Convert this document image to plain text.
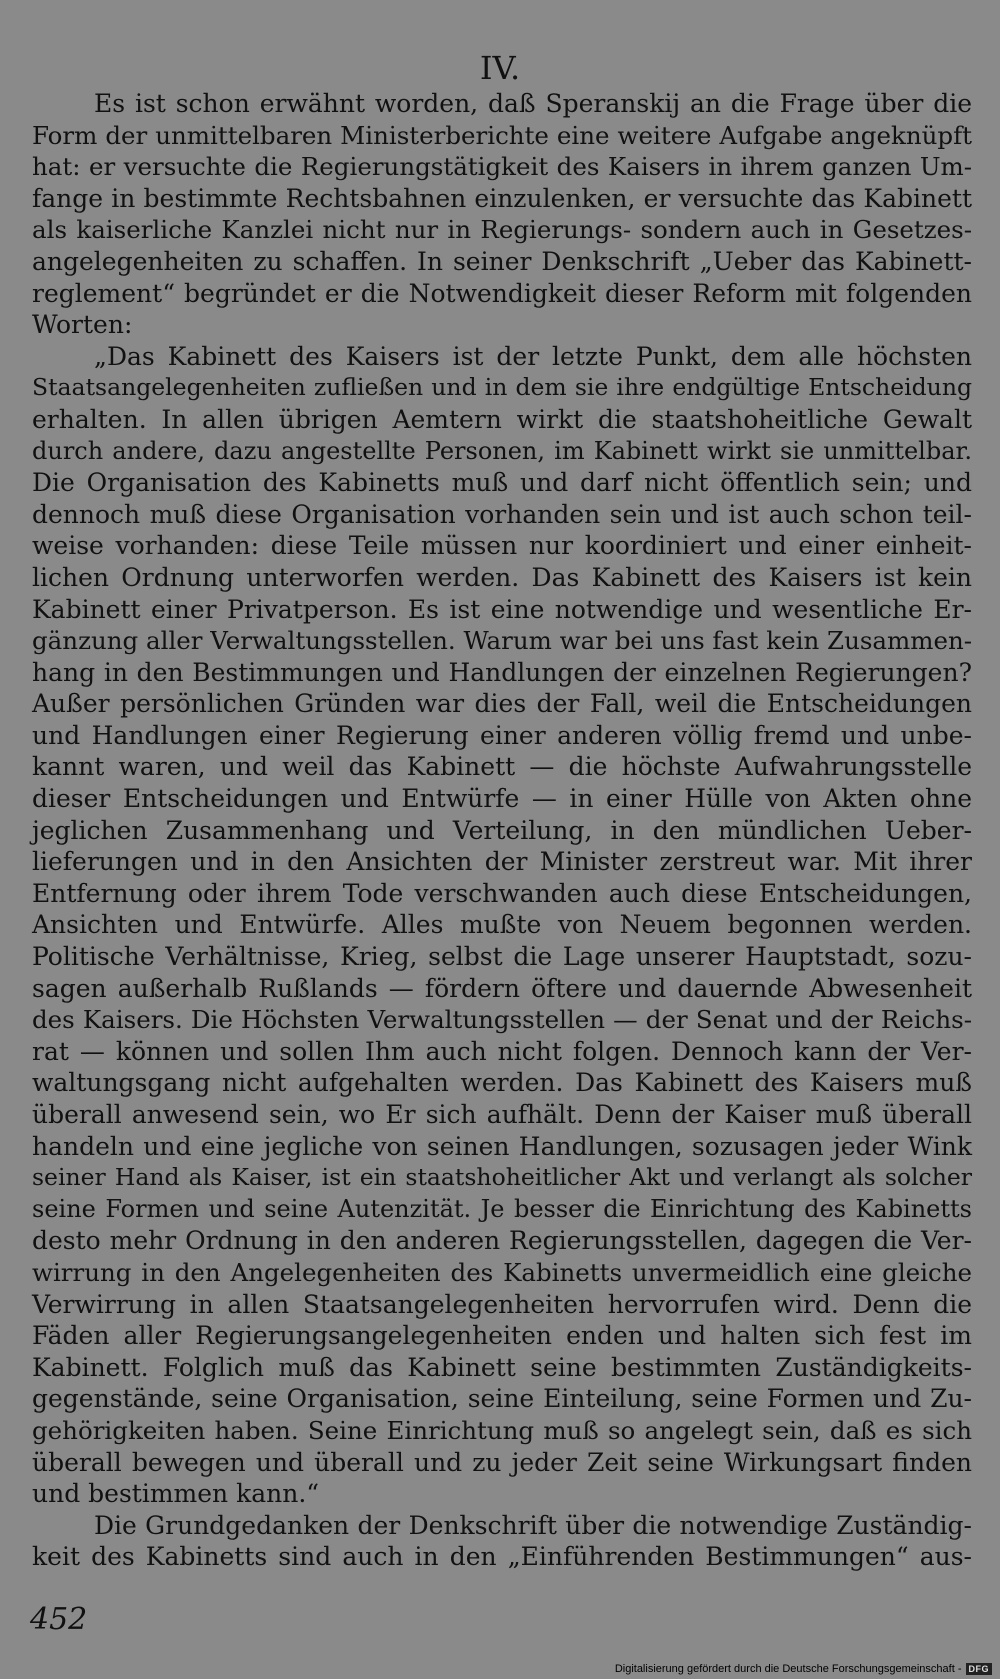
IV.
Es ist schon erwähnt worden, daß Speranskij an die Frage über die
Form der unmittelbaren Ministerberichte eine weitere Aufgabe angeknüpft
hat: er versuchte die Regierungstätigkeit des Kaisers in ihrem ganzen Um-
fange in bestimmte Rechtsbahnen einzulenken, er versuchte das Kabinett
als kaiserliche Kanzlei nicht nur in Regierungs- sondern auch in Gesetzes-
angelegenheiten zu schaffen. In seiner Denkschrift „Ueber das Kabinett-
reglement“ begründet er die Notwendigkeit dieser Reform mit folgenden
Worten:
„Das Kabinett des Kaisers ist der letzte Punkt, dem alle höchsten
Staatsangelegenheiten zufließen und in dem sie ihre endgültige Entscheidung
erhalten. In allen übrigen Aemtern wirkt die staatshoheitliche Gewalt
durch andere, dazu angestellte Personen, im Kabinett wirkt sie unmittelbar.
Die Organisation des Kabinetts muß und darf nicht öffentlich sein; und
dennoch muß diese Organisation vorhanden sein und ist auch schon teil-
weise vorhanden: diese Teile müssen nur koordiniert und einer einheit-
lichen Ordnung unterworfen werden. Das Kabinett des Kaisers ist kein
Kabinett einer Privatperson. Es ist eine notwendige und wesentliche Er-
gänzung aller Verwaltungsstellen. Warum war bei uns fast kein Zusammen-
hang in den Bestimmungen und Handlungen der einzelnen Regierungen?
Außer persönlichen Gründen war dies der Fall, weil die Entscheidungen
und Handlungen einer Regierung einer anderen völlig fremd und unbe-
kannt waren, und weil das Kabinett — die höchste Aufwahrungsstelle
dieser Entscheidungen und Entwürfe — in einer Hülle von Akten ohne
jeglichen Zusammenhang und Verteilung, in den mündlichen Ueber-
lieferungen und in den Ansichten der Minister zerstreut war. Mit ihrer
Entfernung oder ihrem Tode verschwanden auch diese Entscheidungen,
Ansichten und Entwürfe. Alles mußte von Neuem begonnen werden.
Politische Verhältnisse, Krieg, selbst die Lage unserer Hauptstadt, sozu-
sagen außerhalb Rußlands — fördern öftere und dauernde Abwesenheit
des Kaisers. Die Höchsten Verwaltungsstellen — der Senat und der Reichs-
rat — können und sollen Ihm auch nicht folgen. Dennoch kann der Ver-
waltungsgang nicht aufgehalten werden. Das Kabinett des Kaisers muß
überall anwesend sein, wo Er sich aufhält. Denn der Kaiser muß überall
handeln und eine jegliche von seinen Handlungen, sozusagen jeder Wink
seiner Hand als Kaiser, ist ein staatshoheitlicher Akt und verlangt als solcher
seine Formen und seine Autenzität. Je besser die Einrichtung des Kabinetts
desto mehr Ordnung in den anderen Regierungsstellen, dagegen die Ver-
wirrung in den Angelegenheiten des Kabinetts unvermeidlich eine gleiche
Verwirrung in allen Staatsangelegenheiten hervorrufen wird. Denn die
Fäden aller Regierungsangelegenheiten enden und halten sich fest im
Kabinett. Folglich muß das Kabinett seine bestimmten Zuständigkeits-
gegenstände, seine Organisation, seine Einteilung, seine Formen und Zu-
gehörigkeiten haben. Seine Einrichtung muß so angelegt sein, daß es sich
überall bewegen und überall und zu jeder Zeit seine Wirkungsart finden
und bestimmen kann.“
Die Grundgedanken der Denkschrift über die notwendige Zuständig-
keit des Kabinetts sind auch in den „Einführenden Bestimmungen“ aus-
452
Digitalisierung gefördert durch die Deutsche Forschungsgemeinschaft - DFG
